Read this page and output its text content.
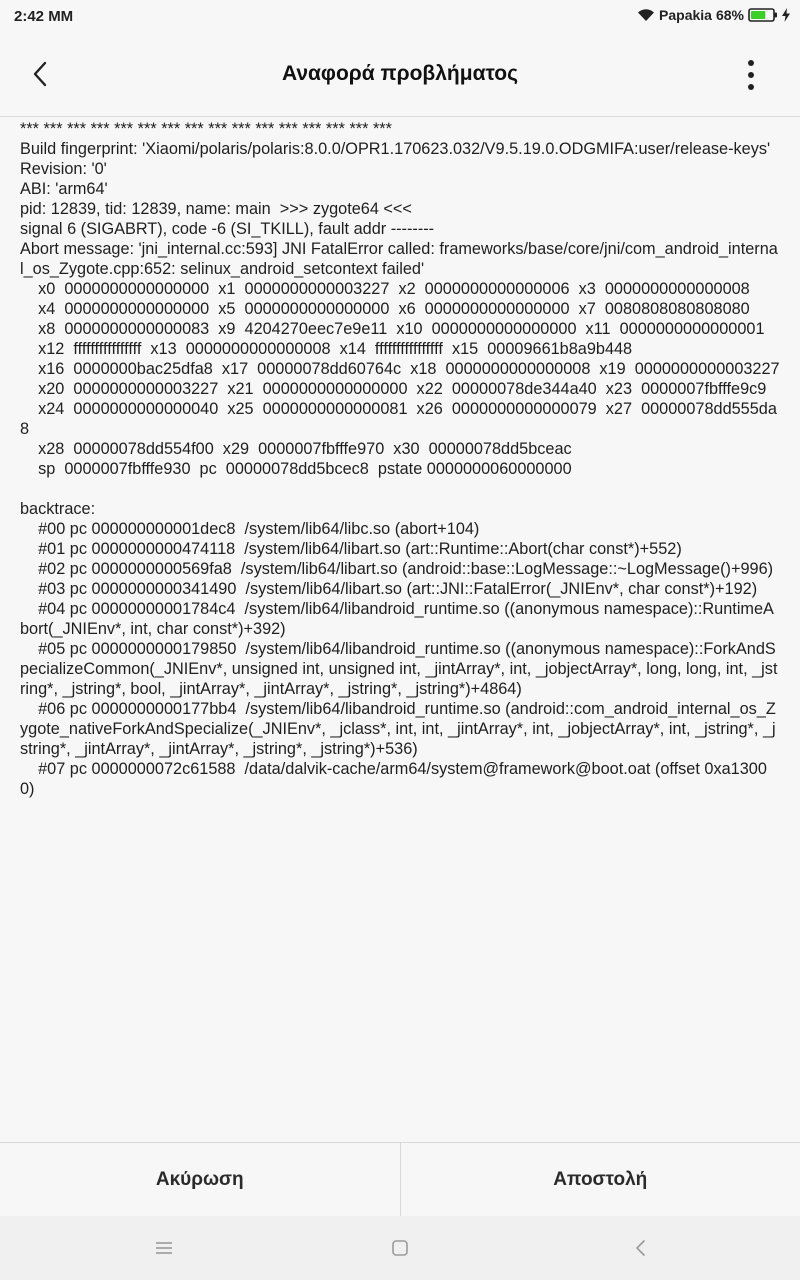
2:42 ΜΜ	Papakia 68%
Αναφορά προβλήματος
*** *** *** *** *** *** *** *** *** *** *** *** *** *** *** ***
Build fingerprint: 'Xiaomi/polaris/polaris:8.0.0/OPR1.170623.032/V9.5.19.0.ODGMIFA:user/release-keys'
Revision: '0'
ABI: 'arm64'
pid: 12839, tid: 12839, name: main  >>> zygote64 <<<
signal 6 (SIGABRT), code -6 (SI_TKILL), fault addr --------
Abort message: 'jni_internal.cc:593] JNI FatalError called: frameworks/base/core/jni/com_android_internal_os_Zygote.cpp:652: selinux_android_setcontext failed'
x0  0000000000000000  x1  0000000000003227  x2  0000000000000006  x3  0000000000000008
x4  0000000000000000  x5  0000000000000000  x6  0000000000000000  x7  0080808080808080
x8  0000000000000083  x9  4204270eec7e9e11  x10  0000000000000000  x11  0000000000000001
x12  ffffffffffffffff  x13  0000000000000008  x14  ffffffffffffffff  x15  00009661b8a9b448
x16  0000000bac25dfa8  x17  00000078dd60764c  x18  0000000000000008  x19  0000000000003227
x20  0000000000003227  x21  0000000000000000  x22  00000078de344a40  x23  0000007fbfffe9c9
x24  0000000000000040  x25  0000000000000081  x26  0000000000000079  x27  00000078dd555da8
x28  00000078dd554f00  x29  0000007fbfffe970  x30  00000078dd5bceac
sp  0000007fbfffe930  pc  00000078dd5bcec8  pstate 0000000060000000

backtrace:
#00 pc 000000000001dec8  /system/lib64/libc.so (abort+104)
#01 pc 0000000000474118  /system/lib64/libart.so (art::Runtime::Abort(char const*)+552)
#02 pc 0000000000569fa8  /system/lib64/libart.so (android::base::LogMessage::~LogMessage()+996)
#03 pc 0000000000341490  /system/lib64/libart.so (art::JNI::FatalError(_JNIEnv*, char const*)+192)
#04 pc 00000000001784c4  /system/lib64/libandroid_runtime.so ((anonymous namespace)::RuntimeAbort(_JNIEnv*, int, char const*)+392)
#05 pc 0000000000179850  /system/lib64/libandroid_runtime.so ((anonymous namespace)::ForkAndSpecializeCommon(_JNIEnv*, unsigned int, unsigned int, _jintArray*, int, _jobjectArray*, long, long, int, _jstring*, _jstring*, bool, _jintArray*, _jintArray*, _jstring*, _jstring*)+4864)
#06 pc 0000000000177bb4  /system/lib64/libandroid_runtime.so (android::com_android_internal_os_Zygote_nativeForkAndSpecialize(_JNIEnv*, _jclass*, int, int, _jintArray*, int, _jobjectArray*, int, _jstring*, _jstring*, _jintArray*, _jintArray*, _jstring*, _jstring*)+536)
#07 pc 0000000072c61588  /data/dalvik-cache/arm64/system@framework@boot.oat (offset 0xa13000)
Ακύρωση	Αποστολή
